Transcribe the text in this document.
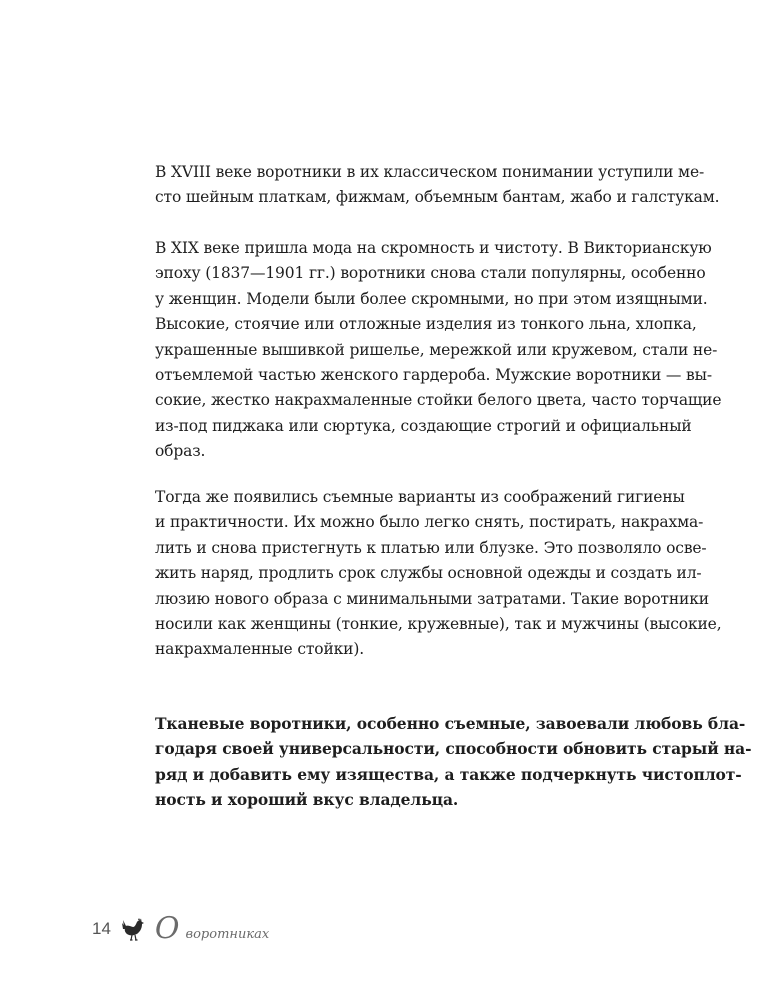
В XVIII веке воротники в их классическом понимании уступили ме-
сто шейным платкам, фижмам, объемным бантам, жабо и галстукам.
В XIX веке пришла мода на скромность и чистоту. В Викторианскую
эпоху (1837—1901 гг.) воротники снова стали популярны, особенно
у женщин. Модели были более скромными, но при этом изящными.
Высокие, стоячие или отложные изделия из тонкого льна, хлопка,
украшенные вышивкой ришелье, мережкой или кружевом, стали не-
отъемлемой частью женского гардероба. Мужские воротники — вы-
сокие, жестко накрахмаленные стойки белого цвета, часто торчащие
из-под пиджака или сюртука, создающие строгий и официальный
образ.
Тогда же появились съемные варианты из соображений гигиены
и практичности. Их можно было легко снять, постирать, накрахма-
лить и снова пристегнуть к платью или блузке. Это позволяло осве-
жить наряд, продлить срок службы основной одежды и создать ил-
люзию нового образа с минимальными затратами. Такие воротники
носили как женщины (тонкие, кружевные), так и мужчины (высокие,
накрахмаленные стойки).
Тканевые воротники, особенно съемные, завоевали любовь бла-
годаря своей универсальности, способности обновить старый на-
ряд и добавить ему изящества, а также подчеркнуть чистоплот-
ность и хороший вкус владельца.
14 О воротниках
